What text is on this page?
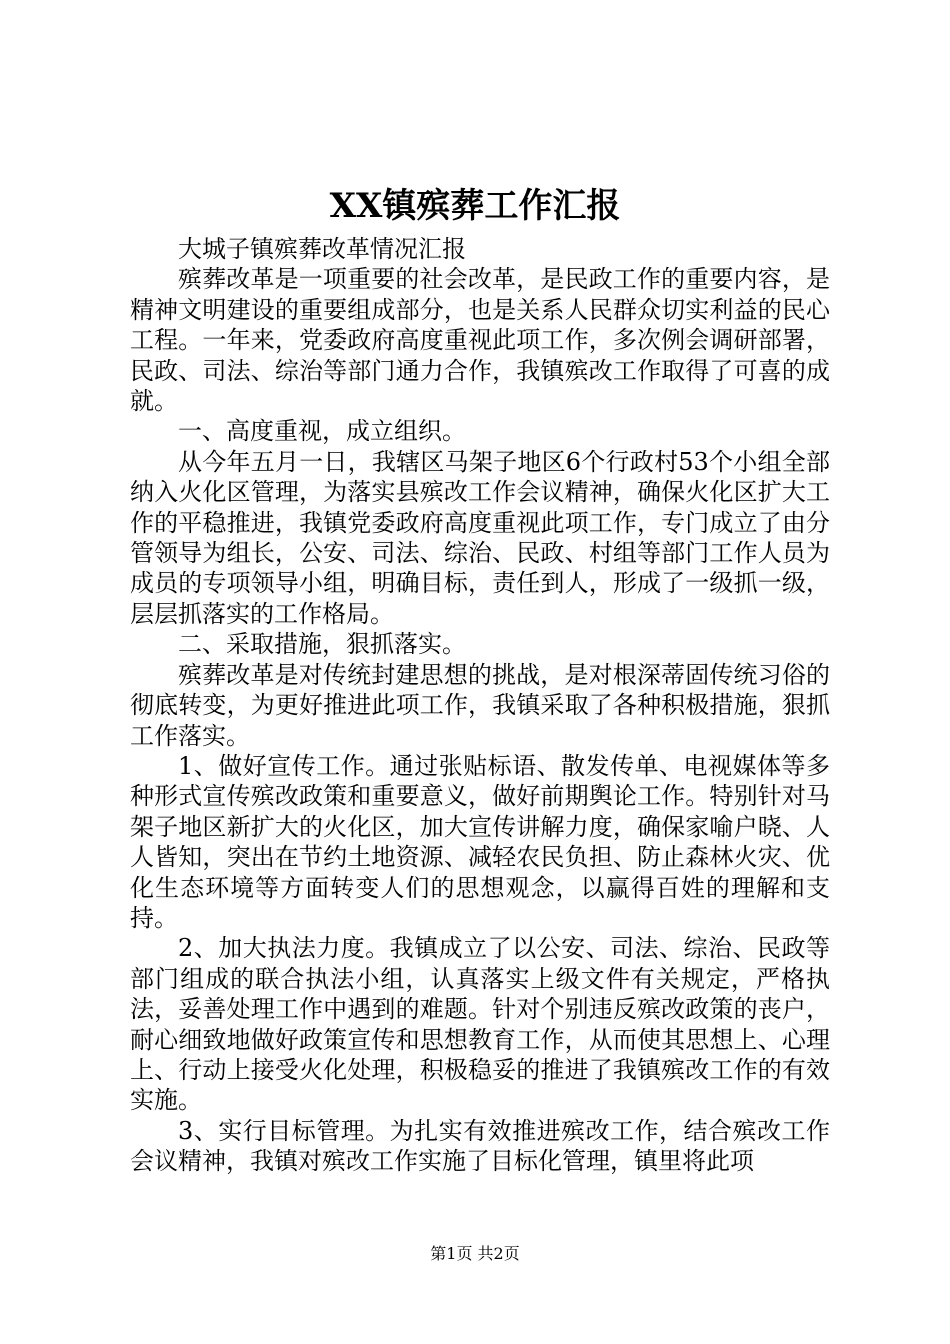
XX镇殡葬工作汇报

大城子镇殡葬改革情况汇报

殡葬改革是一项重要的社会改革，是民政工作的重要内容，是精神文明建设的重要组成部分，也是关系人民群众切实利益的民心工程。一年来，党委政府高度重视此项工作，多次例会调研部署，民政、司法、综治等部门通力合作，我镇殡改工作取得了可喜的成就。

一、高度重视，成立组织。

从今年五月一日，我辖区马架子地区6个行政村53个小组全部纳入火化区管理，为落实县殡改工作会议精神，确保火化区扩大工作的平稳推进，我镇党委政府高度重视此项工作，专门成立了由分管领导为组长，公安、司法、综治、民政、村组等部门工作人员为成员的专项领导小组，明确目标，责任到人，形成了一级抓一级，层层抓落实的工作格局。

二、采取措施，狠抓落实。

殡葬改革是对传统封建思想的挑战，是对根深蒂固传统习俗的彻底转变，为更好推进此项工作，我镇采取了各种积极措施，狠抓工作落实。

1、做好宣传工作。通过张贴标语、散发传单、电视媒体等多种形式宣传殡改政策和重要意义，做好前期舆论工作。特别针对马架子地区新扩大的火化区，加大宣传讲解力度，确保家喻户晓、人人皆知，突出在节约土地资源、减轻农民负担、防止森林火灾、优化生态环境等方面转变人们的思想观念，以赢得百姓的理解和支持。

2、加大执法力度。我镇成立了以公安、司法、综治、民政等部门组成的联合执法小组，认真落实上级文件有关规定，严格执法，妥善处理工作中遇到的难题。针对个别违反殡改政策的丧户，耐心细致地做好政策宣传和思想教育工作，从而使其思想上、心理上、行动上接受火化处理，积极稳妥的推进了我镇殡改工作的有效实施。

3、实行目标管理。为扎实有效推进殡改工作，结合殡改工作会议精神，我镇对殡改工作实施了目标化管理，镇里将此项

第1页 共2页
